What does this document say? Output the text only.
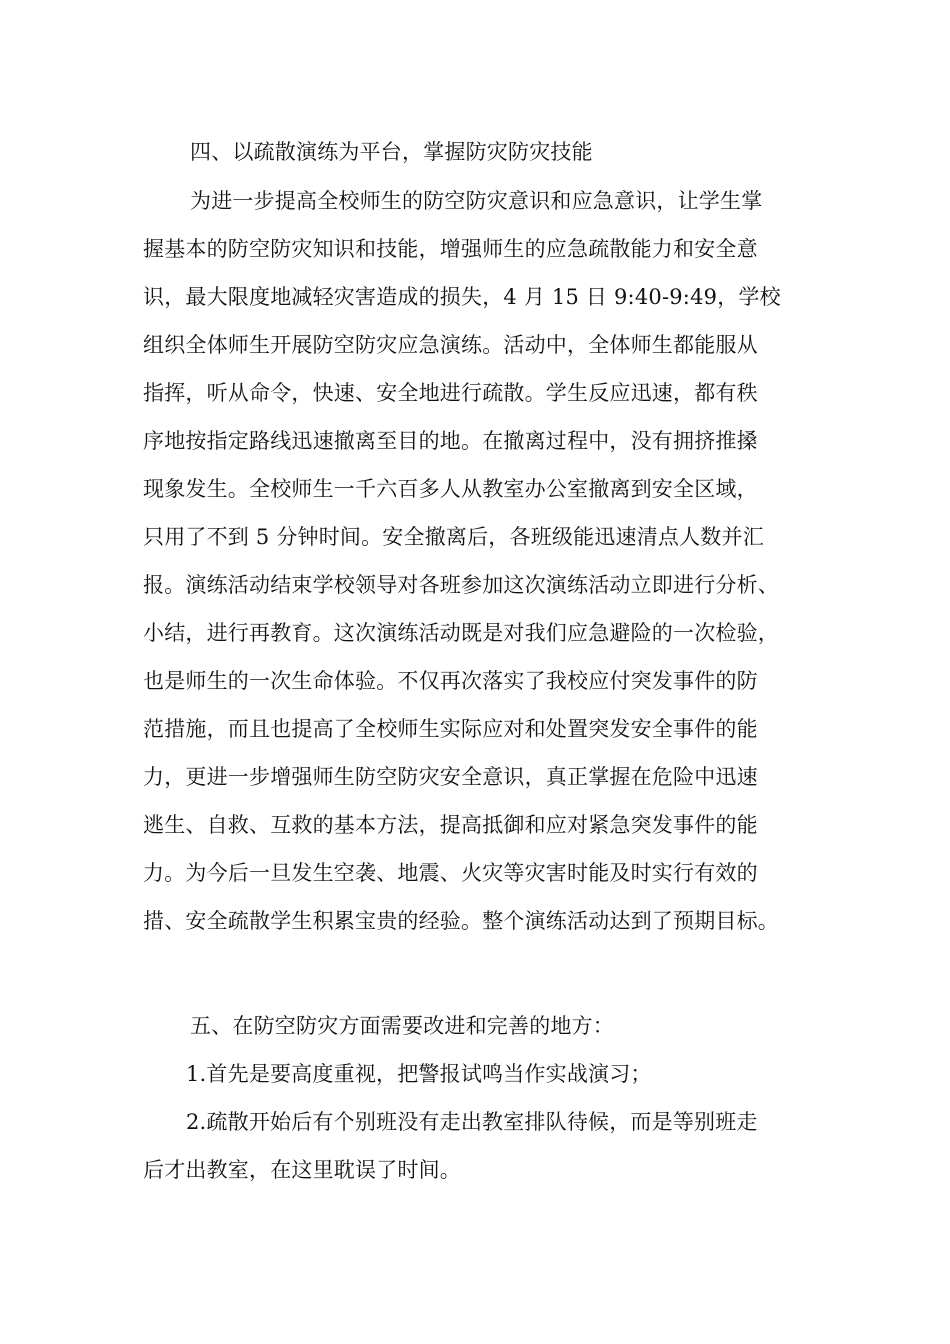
四、以疏散演练为平台，掌握防灾防灾技能
为进一步提高全校师生的防空防灾意识和应急意识，让学生掌
握基本的防空防灾知识和技能，增强师生的应急疏散能力和安全意
识，最大限度地减轻灾害造成的损失，4 月 15 日 9:40-9:49，学校
组织全体师生开展防空防灾应急演练。活动中，全体师生都能服从
指挥，听从命令，快速、安全地进行疏散。学生反应迅速，都有秩
序地按指定路线迅速撤离至目的地。在撤离过程中，没有拥挤推搡
现象发生。全校师生一千六百多人从教室办公室撤离到安全区域，
只用了不到 5 分钟时间。安全撤离后，各班级能迅速清点人数并汇
报。演练活动结束学校领导对各班参加这次演练活动立即进行分析、
小结，进行再教育。这次演练活动既是对我们应急避险的一次检验，
也是师生的一次生命体验。不仅再次落实了我校应付突发事件的防
范措施，而且也提高了全校师生实际应对和处置突发安全事件的能
力，更进一步增强师生防空防灾安全意识，真正掌握在危险中迅速
逃生、自救、互救的基本方法，提高抵御和应对紧急突发事件的能
力。为今后一旦发生空袭、地震、火灾等灾害时能及时实行有效的
措、安全疏散学生积累宝贵的经验。整个演练活动达到了预期目标。
五、在防空防灾方面需要改进和完善的地方：
1.首先是要高度重视，把警报试鸣当作实战演习；
2.疏散开始后有个别班没有走出教室排队待候，而是等别班走
后才出教室，在这里耽误了时间。
